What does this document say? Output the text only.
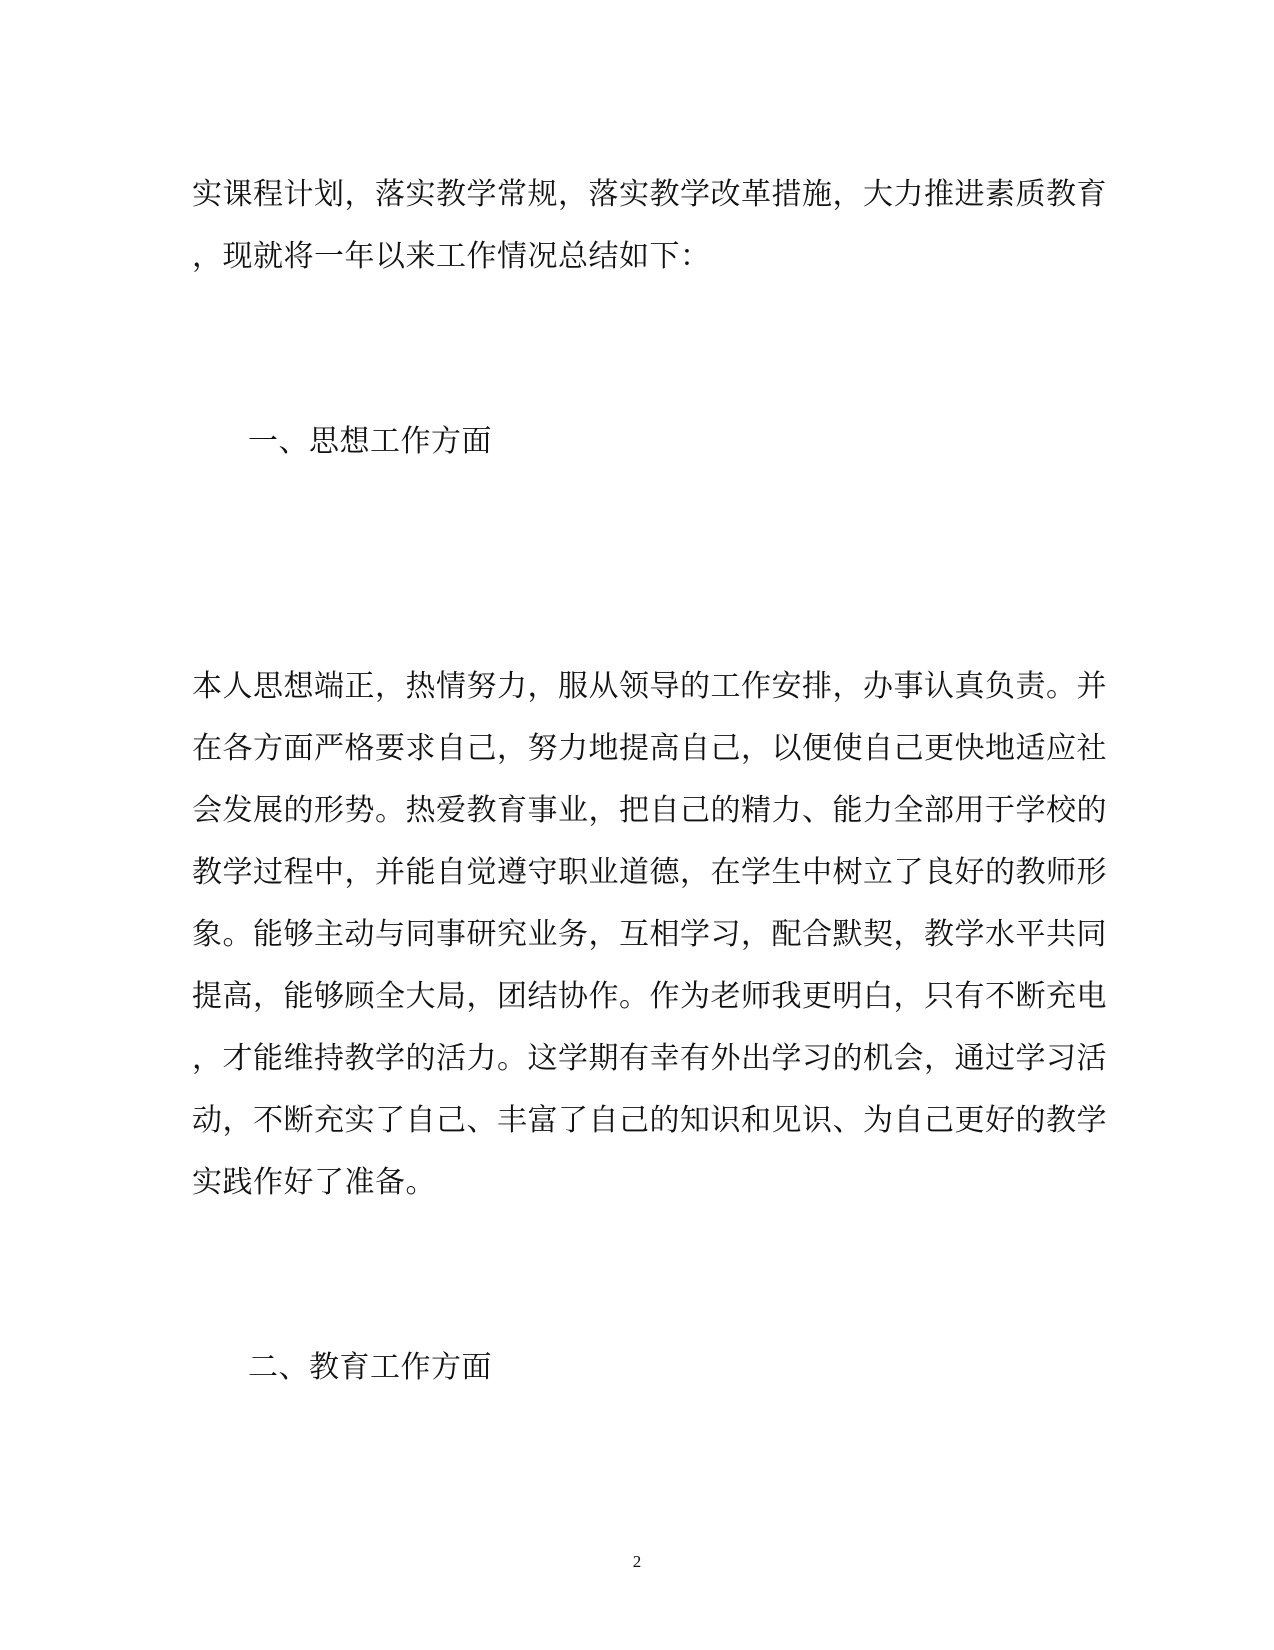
实课程计划，落实教学常规，落实教学改革措施，大力推进素质教育
，现就将一年以来工作情况总结如下：
一、思想工作方面
本人思想端正，热情努力，服从领导的工作安排，办事认真负责。并
在各方面严格要求自己，努力地提高自己，以便使自己更快地适应社
会发展的形势。热爱教育事业，把自己的精力、能力全部用于学校的
教学过程中，并能自觉遵守职业道德，在学生中树立了良好的教师形
象。能够主动与同事研究业务，互相学习，配合默契，教学水平共同
提高，能够顾全大局，团结协作。作为老师我更明白，只有不断充电
，才能维持教学的活力。这学期有幸有外出学习的机会，通过学习活
动，不断充实了自己、丰富了自己的知识和见识、为自己更好的教学
实践作好了准备。
二、教育工作方面
2
